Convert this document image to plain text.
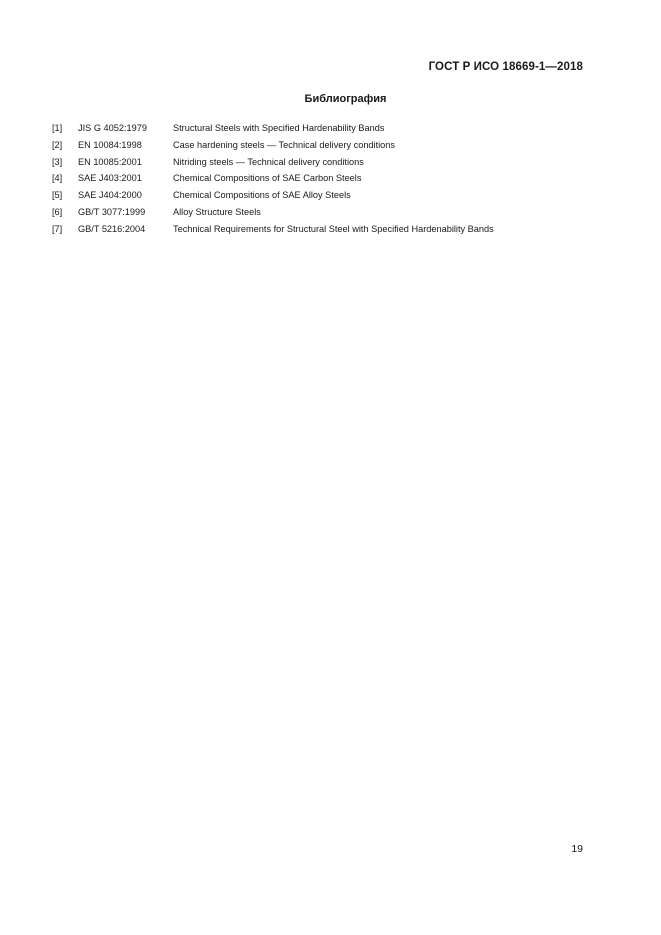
ГОСТ Р ИСО 18669-1—2018
Библиография
[1] JIS G 4052:1979	Structural Steels with Specified Hardenability Bands
[2] EN 10084:1998	Case hardening steels — Technical delivery conditions
[3] EN 10085:2001	Nitriding steels — Technical delivery conditions
[4] SAE J403:2001	Chemical Compositions of SAE Carbon Steels
[5] SAE J404:2000	Chemical Compositions of SAE Alloy Steels
[6] GB/T 3077:1999	Alloy Structure Steels
[7] GB/T 5216:2004	Technical Requirements for Structural Steel with Specified Hardenability Bands
19
